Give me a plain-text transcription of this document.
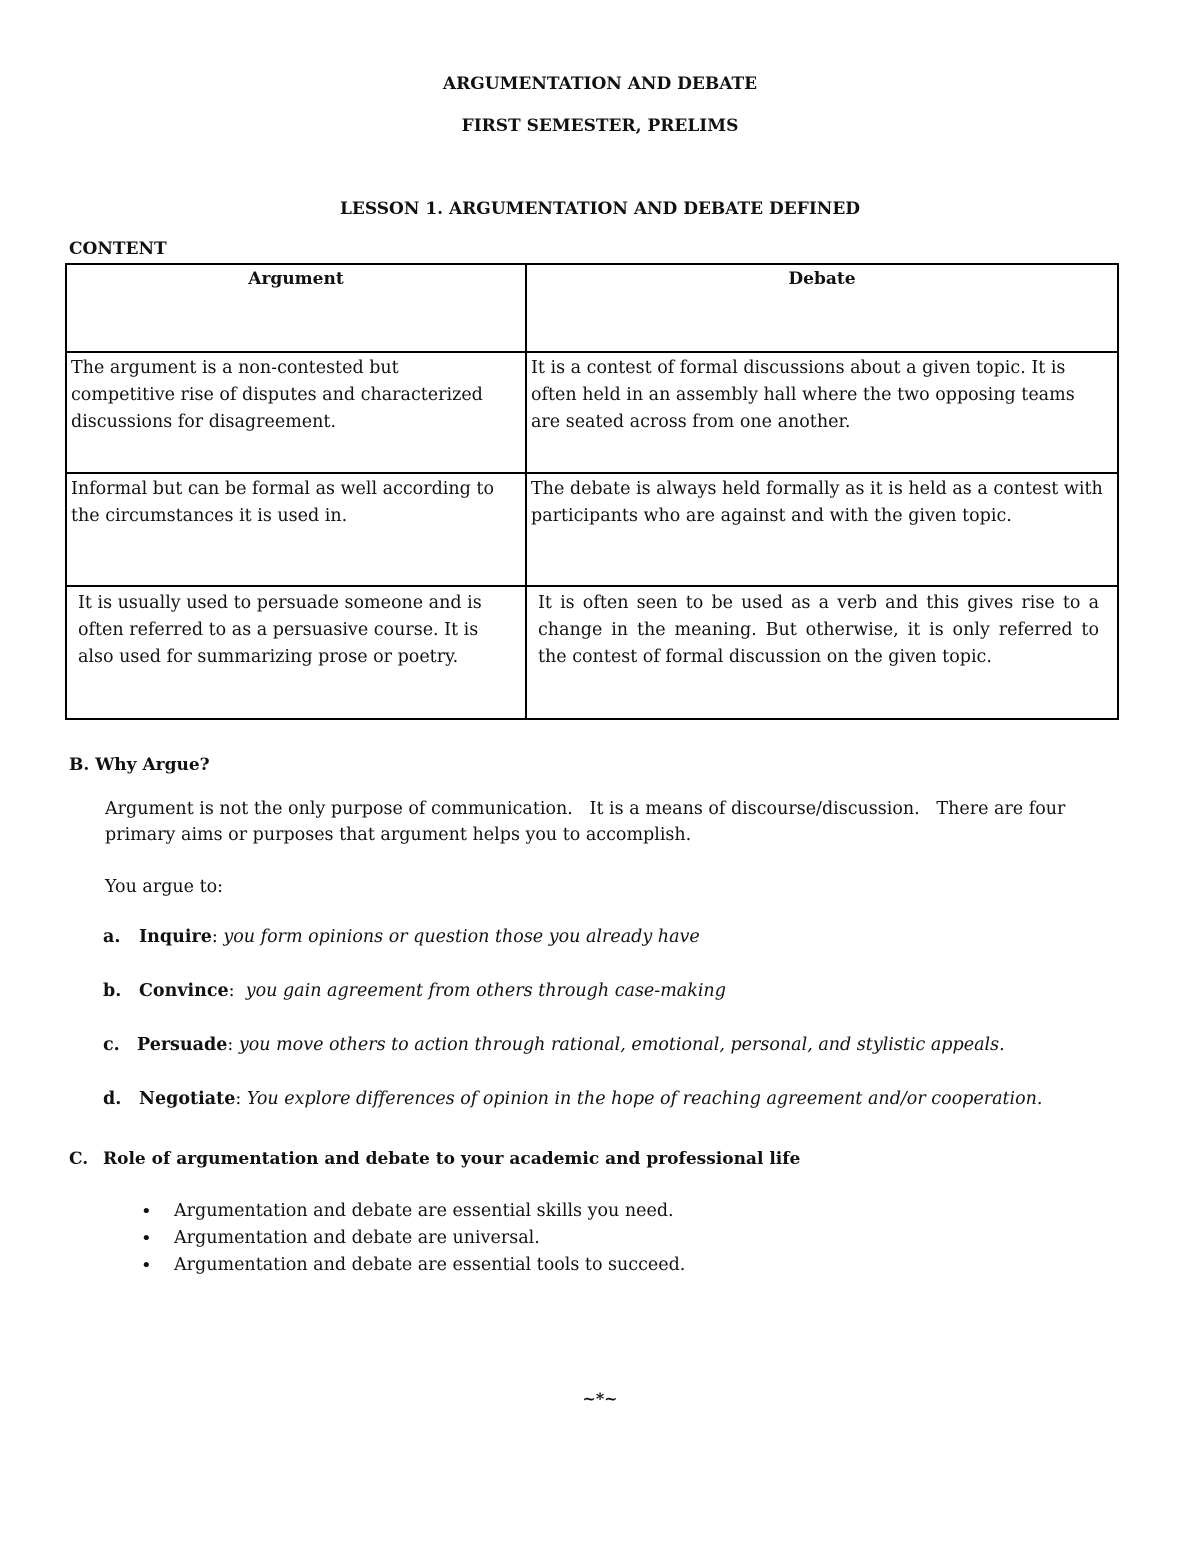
ARGUMENTATION AND DEBATE
FIRST SEMESTER, PRELIMS
LESSON 1. ARGUMENTATION AND DEBATE DEFINED
CONTENT
Argument	Debate

The argument is a non-contested but competitive rise of disputes and characterized discussions for disagreement.	It is a contest of formal discussions about a given topic. It is often held in an assembly hall where the two opposing teams are seated across from one another.

Informal but can be formal as well according to the circumstances it is used in.	The debate is always held formally as it is held as a contest with participants who are against and with the given topic.

It is usually used to persuade someone and is often referred to as a persuasive course. It is also used for summarizing prose or poetry.	It is often seen to be used as a verb and this gives rise to a change in the meaning. But otherwise, it is only referred to the contest of formal discussion on the given topic.
B. Why Argue?
Argument is not the only purpose of communication.   It is a means of discourse/discussion.   There are four primary aims or purposes that argument helps you to accomplish.
You argue to:
a. Inquire: you form opinions or question those you already have
b. Convince: you gain agreement from others through case-making
c. Persuade: you move others to action through rational, emotional, personal, and stylistic appeals.
d. Negotiate: You explore differences of opinion in the hope of reaching agreement and/or cooperation.
C. Role of argumentation and debate to your academic and professional life
• Argumentation and debate are essential skills you need.
• Argumentation and debate are universal.
• Argumentation and debate are essential tools to succeed.
~*~
